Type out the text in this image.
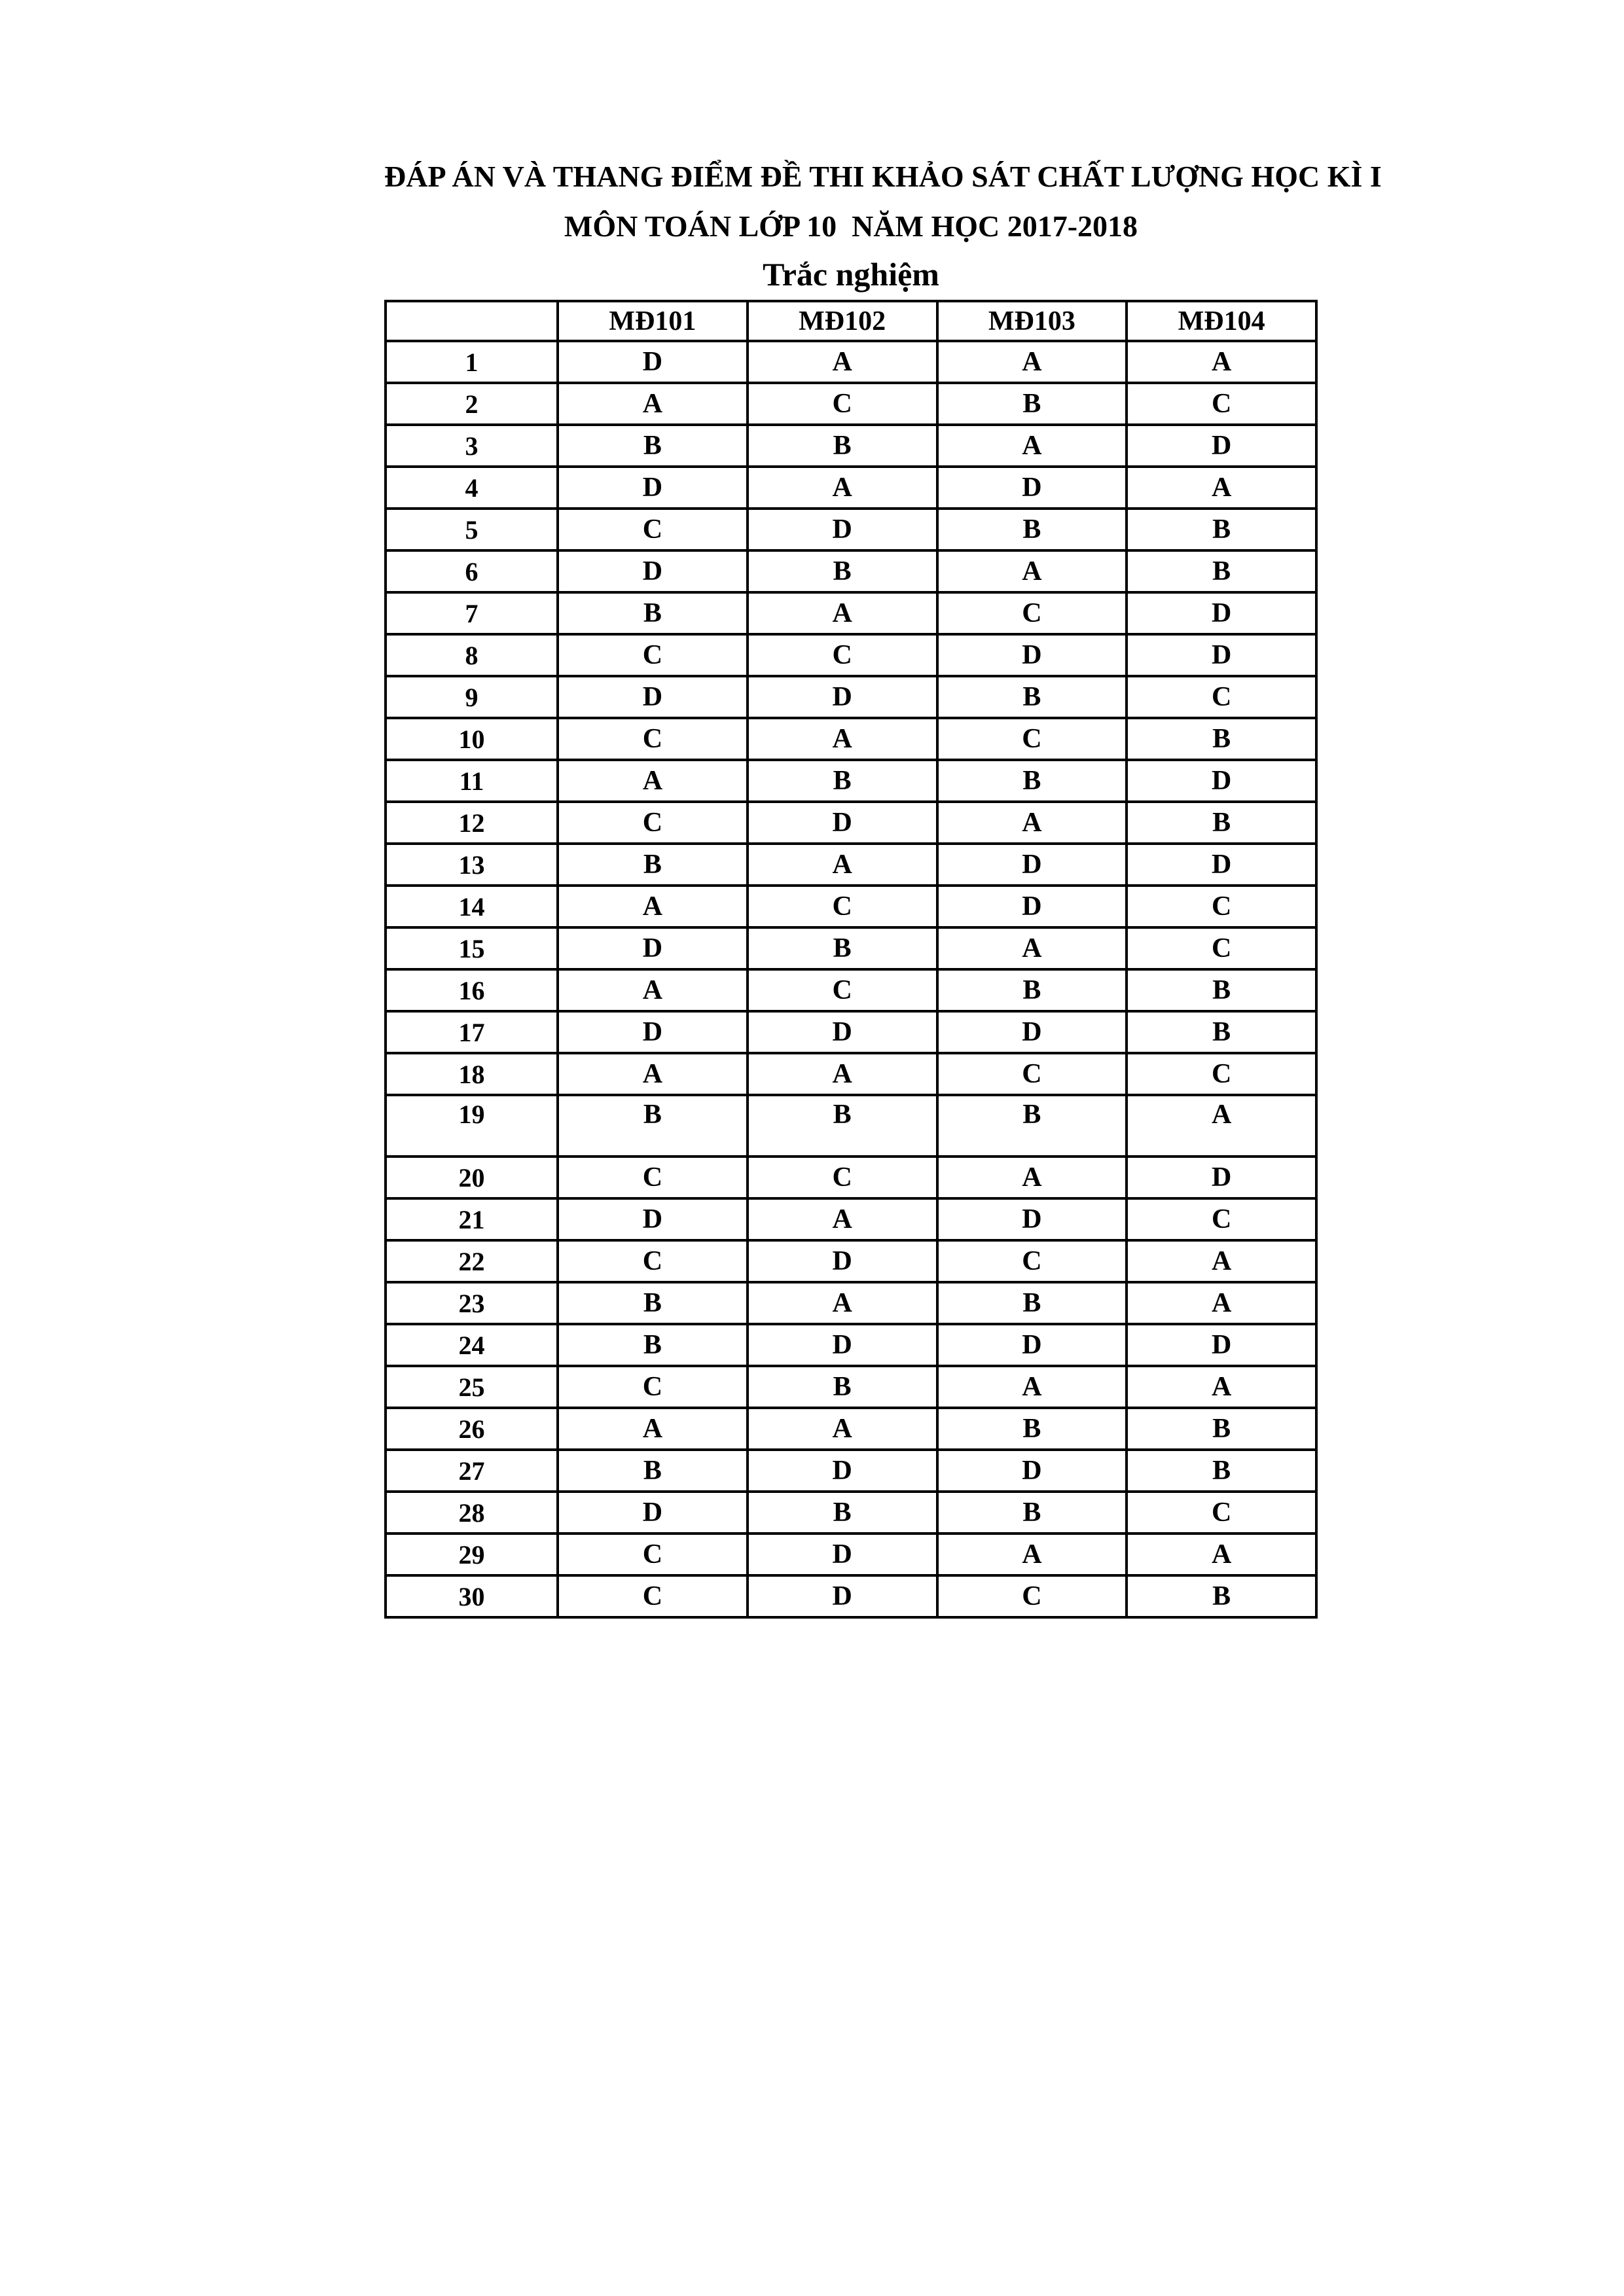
ĐÁP ÁN VÀ THANG ĐIỂM ĐỀ THI KHẢO SÁT CHẤT LƯỢNG HỌC KÌ I
MÔN TOÁN LỚP 10  NĂM HỌC 2017-2018
Trắc nghiệm
	MĐ101	MĐ102	MĐ103	MĐ104
1	D	A	A	A
2	A	C	B	C
3	B	B	A	D
4	D	A	D	A
5	C	D	B	B
6	D	B	A	B
7	B	A	C	D
8	C	C	D	D
9	D	D	B	C
10	C	A	C	B
11	A	B	B	D
12	C	D	A	B
13	B	A	D	D
14	A	C	D	C
15	D	B	A	C
16	A	C	B	B
17	D	D	D	B
18	A	A	C	C
19	B	B	B	A
20	C	C	A	D
21	D	A	D	C
22	C	D	C	A
23	B	A	B	A
24	B	D	D	D
25	C	B	A	A
26	A	A	B	B
27	B	D	D	B
28	D	B	B	C
29	C	D	A	A
30	C	D	C	B
